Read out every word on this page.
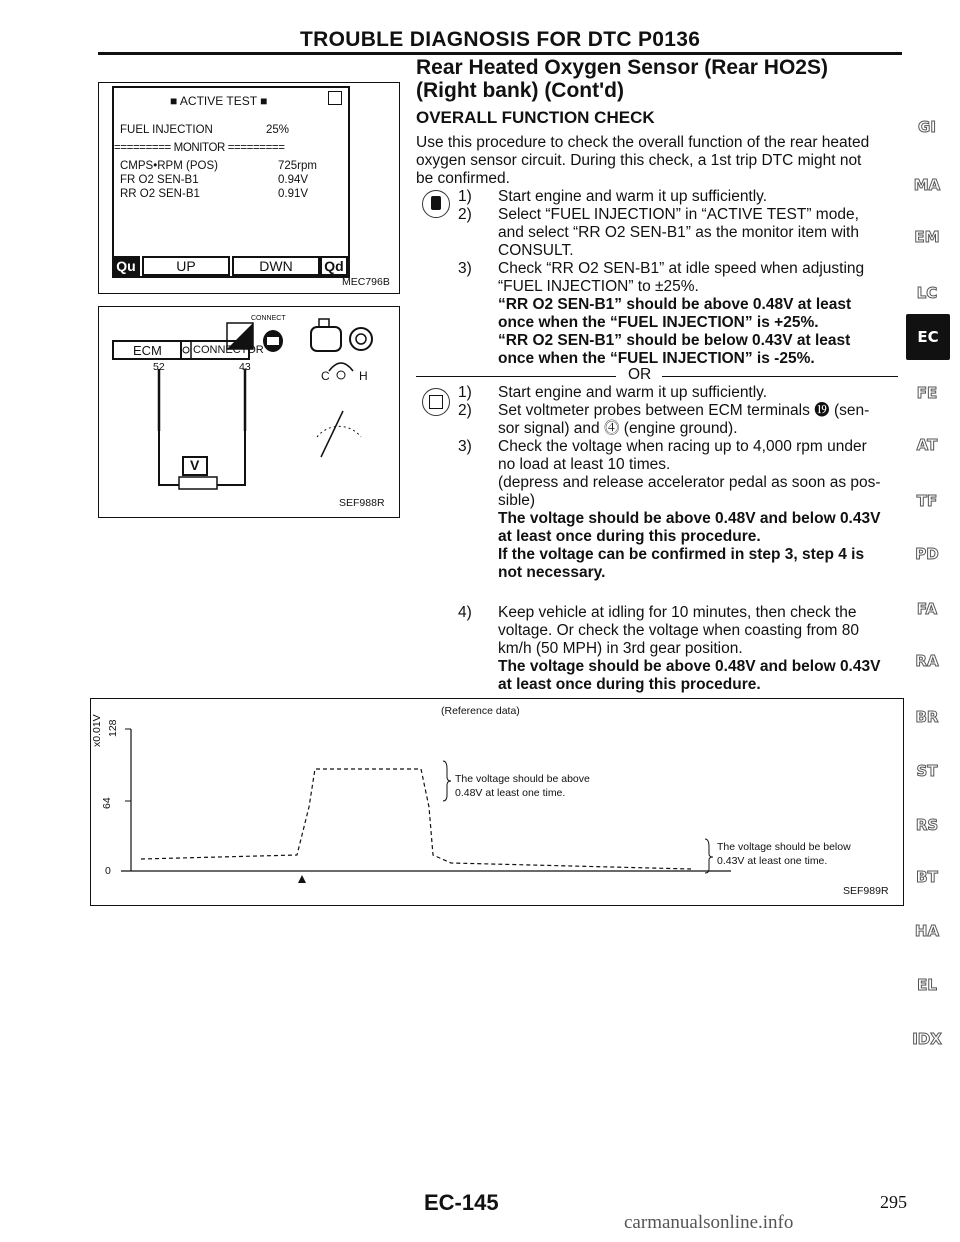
TROUBLE DIAGNOSIS FOR DTC P0136
Rear Heated Oxygen Sensor (Rear HO2S)
(Right bank) (Cont'd)
■ ACTIVE TEST ■
FUEL INJECTION	25%
========= MONITOR =========
CMPS•RPM (POS)	725rpm
FR O2 SEN-B1	0.94V
RR O2 SEN-B1	0.91V
Qu	UP	DWN	Qd
MEC796B
CONNECT
ECM	CONNECTOR
52	43
V
C H
SEF988R
OVERALL FUNCTION CHECK
Use this procedure to check the overall function of the rear heated
oxygen sensor circuit. During this check, a 1st trip DTC might not
be confirmed.
1) Start engine and warm it up sufficiently.
2) Select “FUEL INJECTION” in “ACTIVE TEST” mode,
and select “RR O2 SEN-B1” as the monitor item with
CONSULT.
3) Check “RR O2 SEN-B1” at idle speed when adjusting
“FUEL INJECTION” to ±25%.
“RR O2 SEN-B1” should be above 0.48V at least
once when the “FUEL INJECTION” is +25%.
“RR O2 SEN-B1” should be below 0.43V at least
once when the “FUEL INJECTION” is -25%.
OR
1) Start engine and warm it up sufficiently.
2) Set voltmeter probes between ECM terminals ⓳ (sen-
sor signal) and ⓸ (engine ground).
3) Check the voltage when racing up to 4,000 rpm under
no load at least 10 times.
(depress and release accelerator pedal as soon as pos-
sible)
The voltage should be above 0.48V and below 0.43V
at least once during this procedure.
If the voltage can be confirmed in step 3, step 4 is
not necessary.
4) Keep vehicle at idling for 10 minutes, then check the
voltage. Or check the voltage when coasting from 80
km/h (50 MPH) in 3rd gear position.
The voltage should be above 0.48V and below 0.43V
at least once during this procedure.
(Reference data)
x0.01V 128
64
0
The voltage should be above
0.48V at least one time.
The voltage should be below
0.43V at least one time.
SEF989R
GI
MA
EM
LC
EC
FE
AT
TF
PD
FA
RA
BR
ST
RS
BT
HA
EL
IDX
EC-145	295
carmanualsonline.info
